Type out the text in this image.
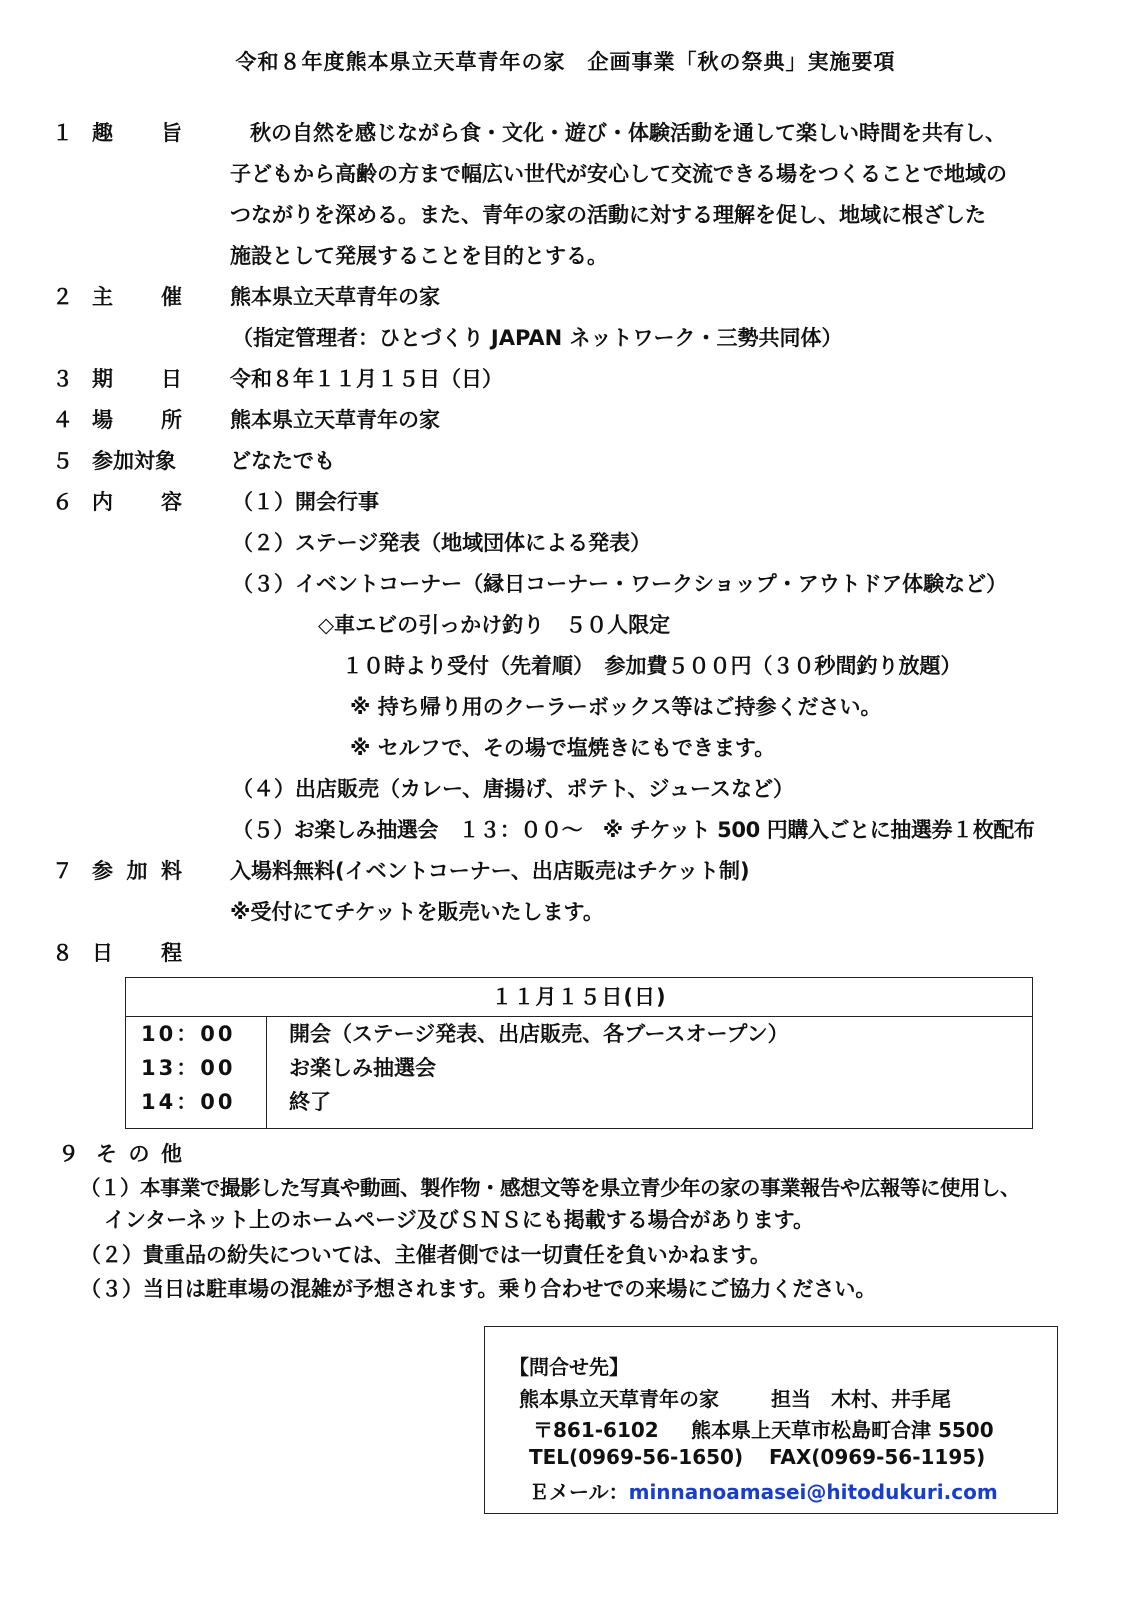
令和８年度熊本県立天草青年の家　企画事業「秋の祭典」実施要項
１ 趣 旨	秋の自然を感じながら食・文化・遊び・体験活動を通して楽しい時間を共有し、
子どもから高齢の方まで幅広い世代が安心して交流できる場をつくることで地域の
つながりを深める。また、青年の家の活動に対する理解を促し、地域に根ざした
施設として発展することを目的とする。
２ 主 催 熊本県立天草青年の家
（指定管理者：ひとづくり JAPAN ネットワーク・三勢共同体）
３ 期 日 令和８年１１月１５日（日）
４ 場 所 熊本県立天草青年の家
５ 参加対象	どなたでも
６ 内 容 （１）開会行事
（２）ステージ発表（地域団体による発表）
（３）イベントコーナー（縁日コーナー・ワークショップ・アウトドア体験など）
◇車エビの引っかけ釣り　５０人限定
１０時より受付（先着順）　参加費５００円（３０秒間釣り放題）
※ 持ち帰り用のクーラーボックス等はご持参ください。
※ セルフで、その場で塩焼きにもできます。
（４）出店販売（カレー、唐揚げ、ポテト、ジュースなど）
（５）お楽しみ抽選会　１３：００～　※ チケット 500 円購入ごとに抽選券１枚配布
７ 参 加 料 入場料無料(イベントコーナー、出店販売はチケット制)
※受付にてチケットを販売いたします。
８ 日 程
１１月１５日(日)
10：00	開会（ステージ発表、出店販売、各ブースオープン）
13：00	お楽しみ抽選会
14：00	終了
９ そ の 他
（１）本事業で撮影した写真や動画、製作物・感想文等を県立青少年の家の事業報告や広報等に使用し、
インターネット上のホームページ及びＳＮＳにも掲載する場合があります。
（２）貴重品の紛失については、主催者側では一切責任を負いかねます。
（３）当日は駐車場の混雑が予想されます。乗り合わせでの来場にご協力ください。
【問合せ先】
熊本県立天草青年の家	担当　木村、井手尾
〒861-6102 熊本県上天草市松島町合津 5500
TEL(0969-56-1650) FAX(0969-56-1195)
Ｅメール：minnanoamasei@hitodukuri.com
